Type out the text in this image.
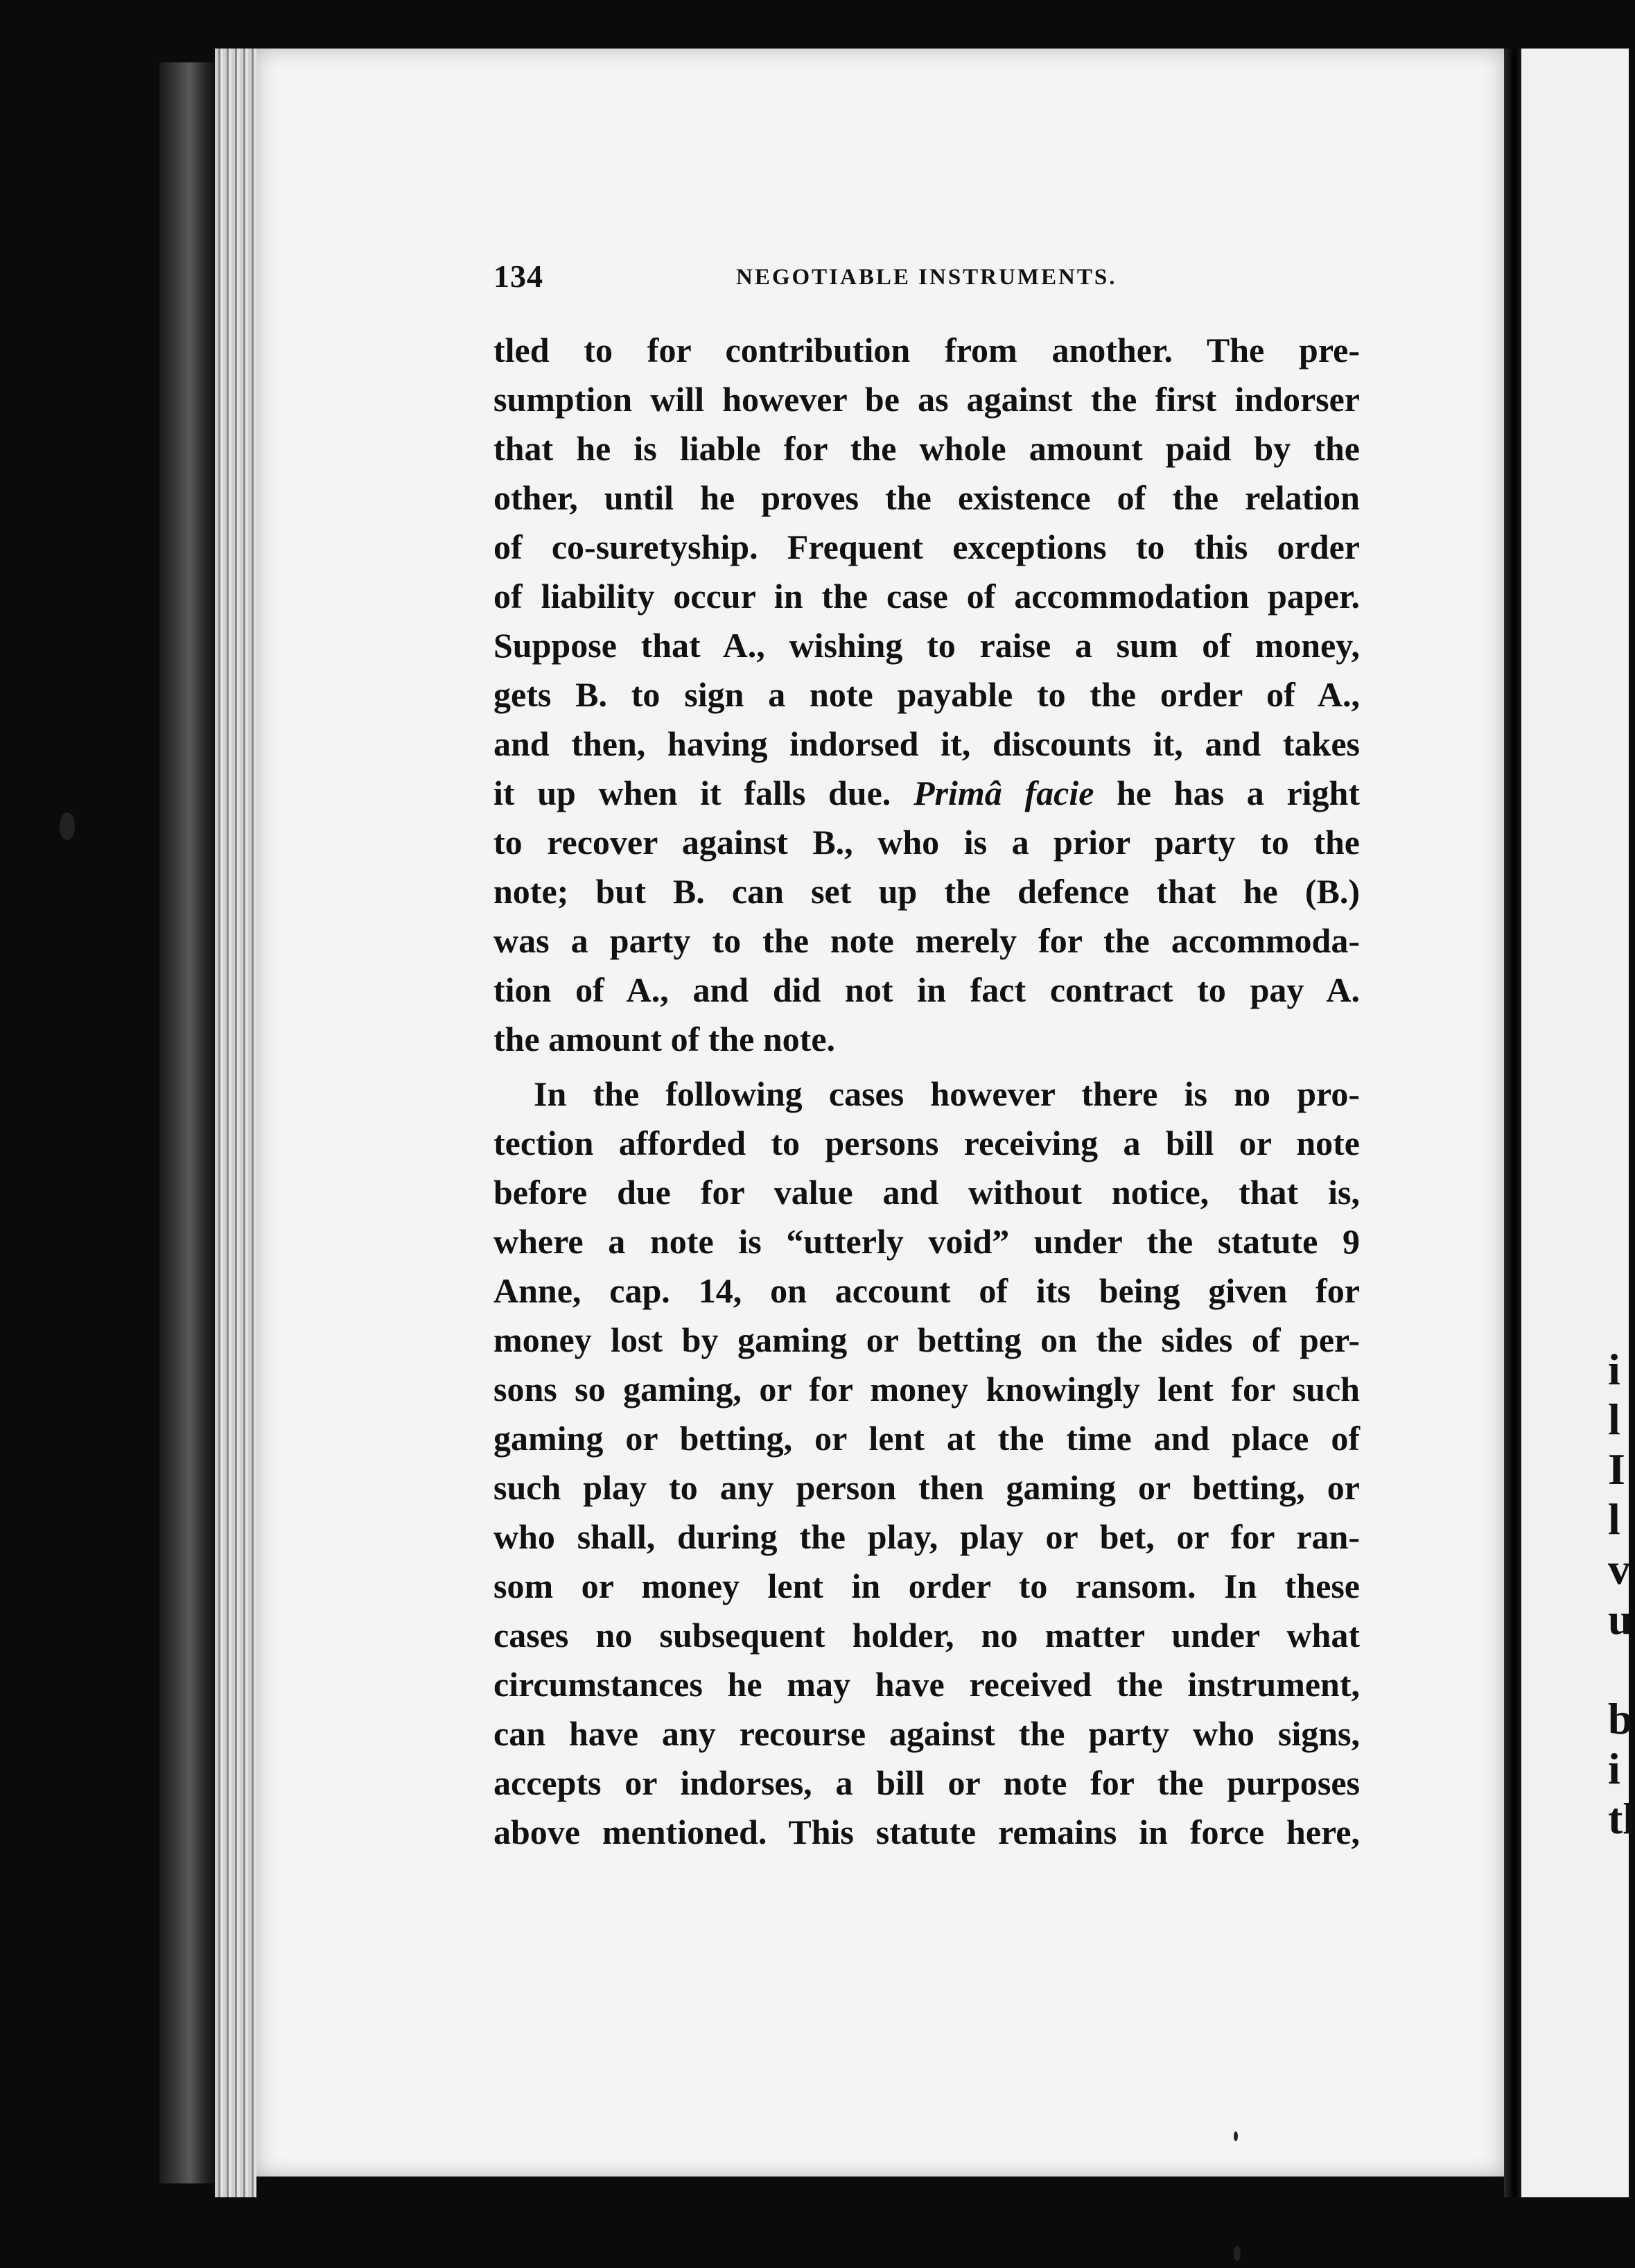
i
l
I
l
v
u

b
i
tl
134	NEGOTIABLE INSTRUMENTS.

tled to for contribution from another. The pre-

sumption will however be as against the first indorser

that he is liable for the whole amount paid by the

other, until he proves the existence of the relation

of co-suretyship. Frequent exceptions to this order

of liability occur in the case of accommodation paper.

Suppose that A., wishing to raise a sum of money,

gets B. to sign a note payable to the order of A.,

and then, having indorsed it, discounts it, and takes

it up when it falls due. Primâ facie he has a right

to recover against B., who is a prior party to the

note; but B. can set up the defence that he (B.)

was a party to the note merely for the accommoda-

tion of A., and did not in fact contract to pay A.

the amount of the note.

In the following cases however there is no pro-

tection afforded to persons receiving a bill or note

before due for value and without notice, that is,

where a note is “utterly void” under the statute 9

Anne, cap. 14, on account of its being given for

money lost by gaming or betting on the sides of per-

sons so gaming, or for money knowingly lent for such

gaming or betting, or lent at the time and place of

such play to any person then gaming or betting, or

who shall, during the play, play or bet, or for ran-

som or money lent in order to ransom. In these

cases no subsequent holder, no matter under what

circumstances he may have received the instrument,

can have any recourse against the party who signs,

accepts or indorses, a bill or note for the purposes

above mentioned. This statute remains in force here,
